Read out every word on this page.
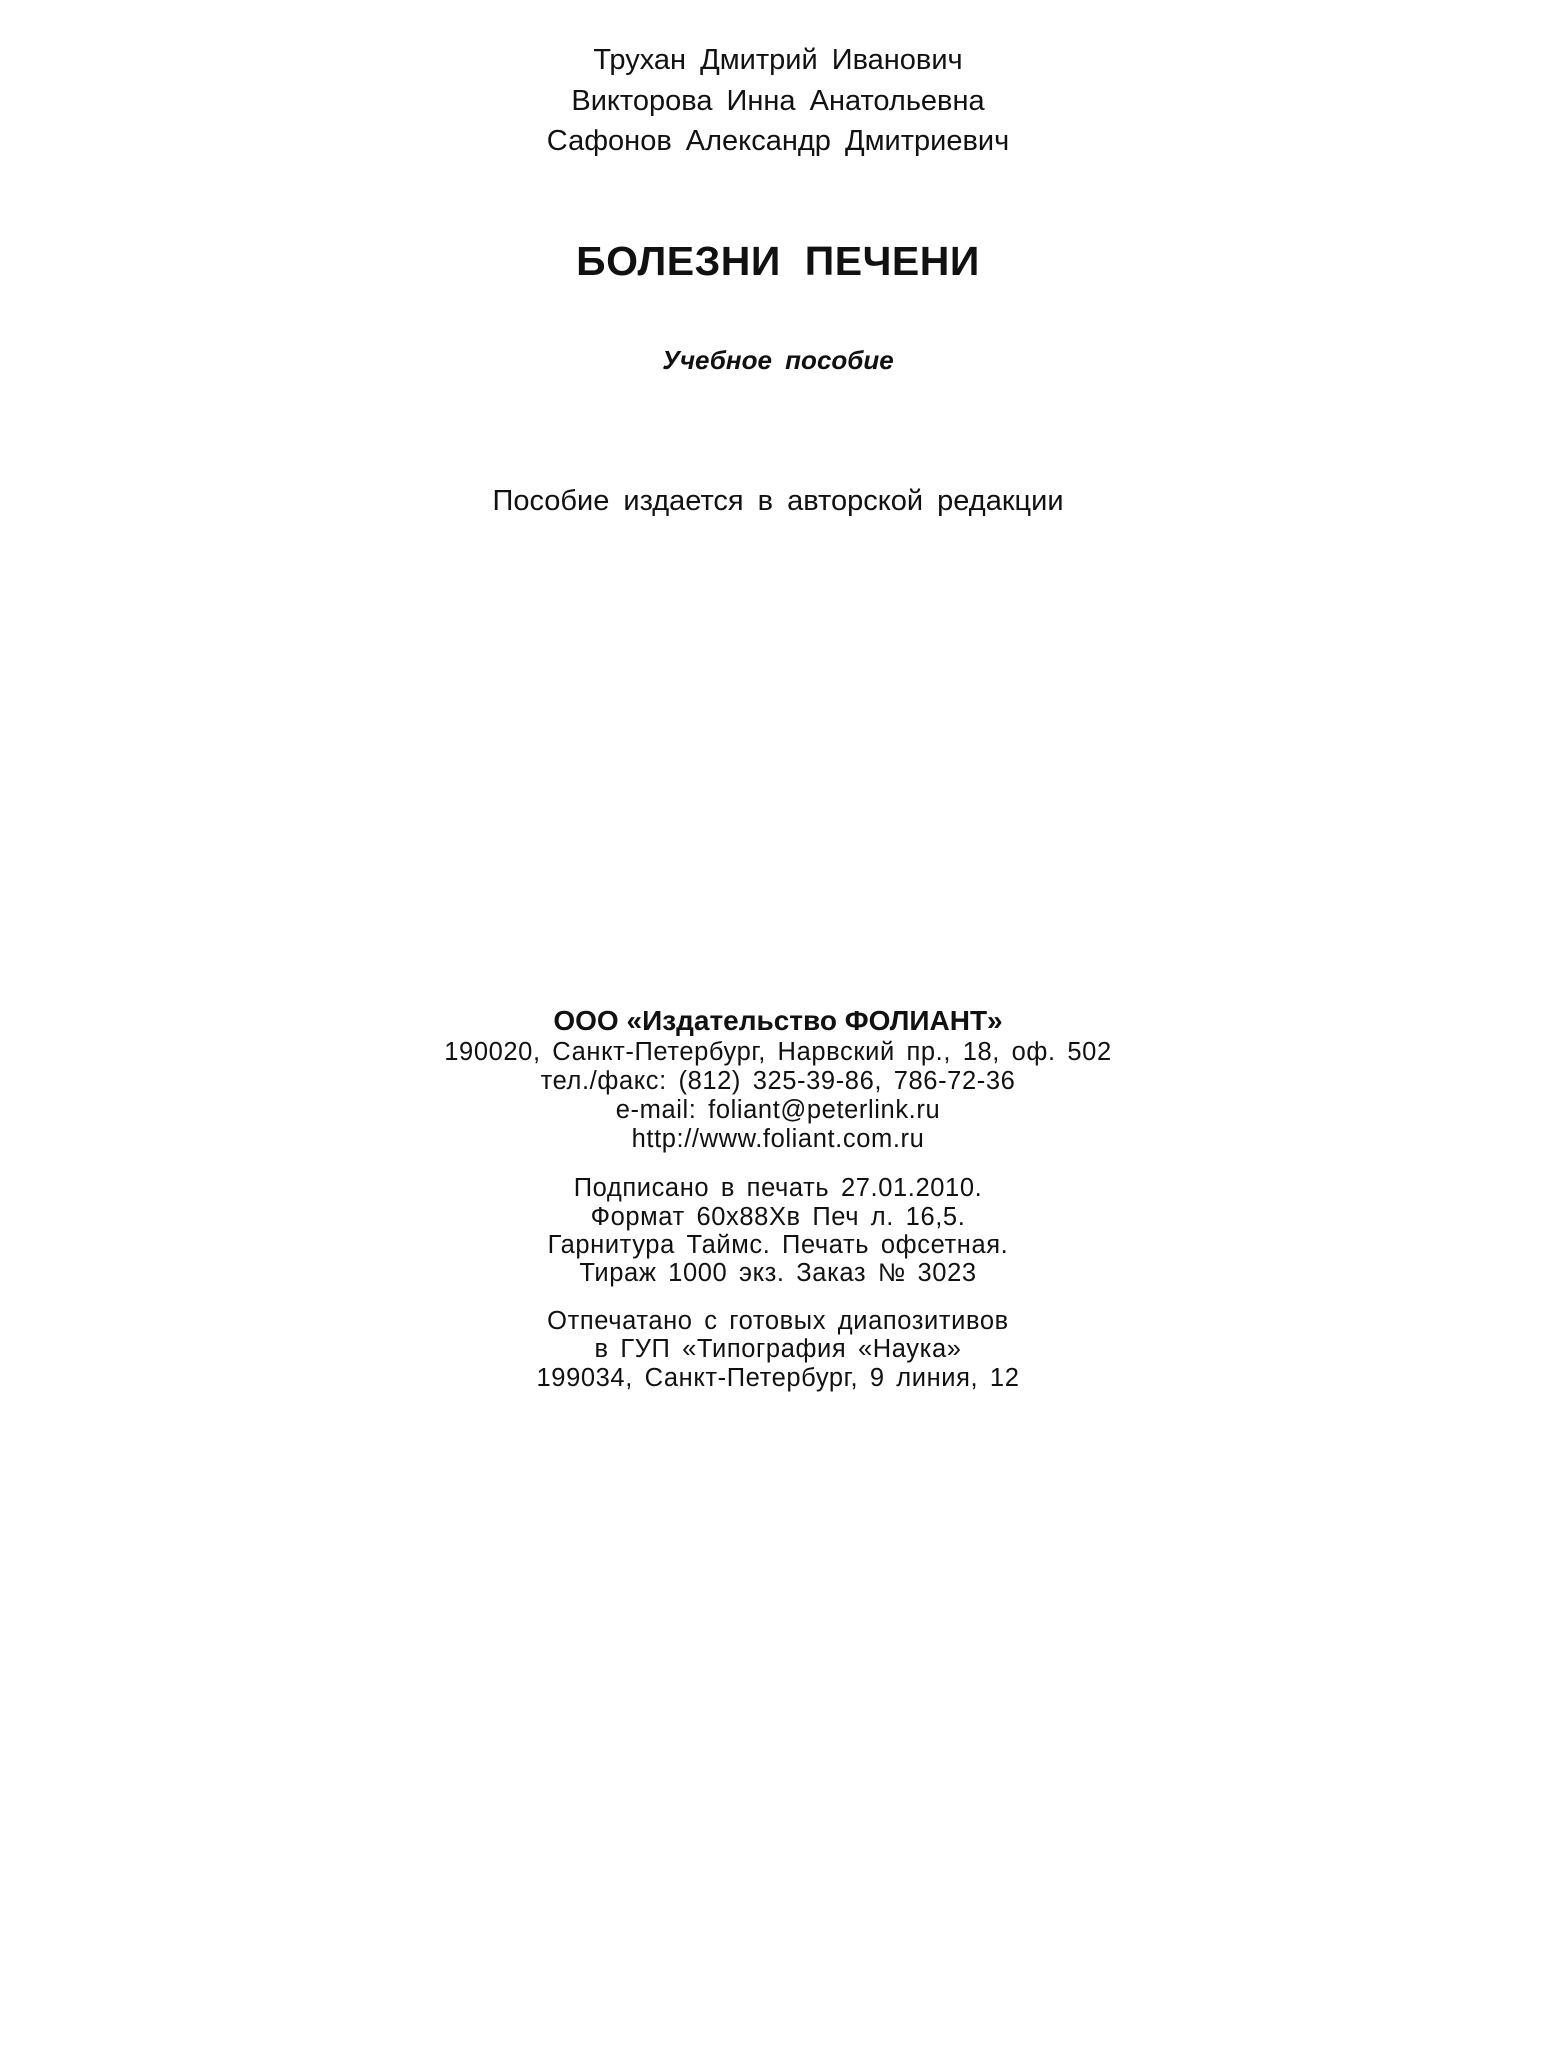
Трухан Дмитрий Иванович
Викторова Инна Анатольевна
Сафонов Александр Дмитриевич
БОЛЕЗНИ ПЕЧЕНИ
Учебное пособие
Пособие издается в авторской редакции
ООО «Издательство ФОЛИАНТ»
190020, Санкт-Петербург, Нарвский пр., 18, оф. 502
тел./факс: (812) 325-39-86, 786-72-36
e-mail: foliant@peterlink.ru
http://www.foliant.com.ru
Подписано в печать 27.01.2010.
Формат 60х88Хв Печ л. 16,5.
Гарнитура Таймс. Печать офсетная.
Тираж 1000 экз. Заказ № 3023
Отпечатано с готовых диапозитивов
в ГУП «Типография «Наука»
199034, Санкт-Петербург, 9 линия, 12
